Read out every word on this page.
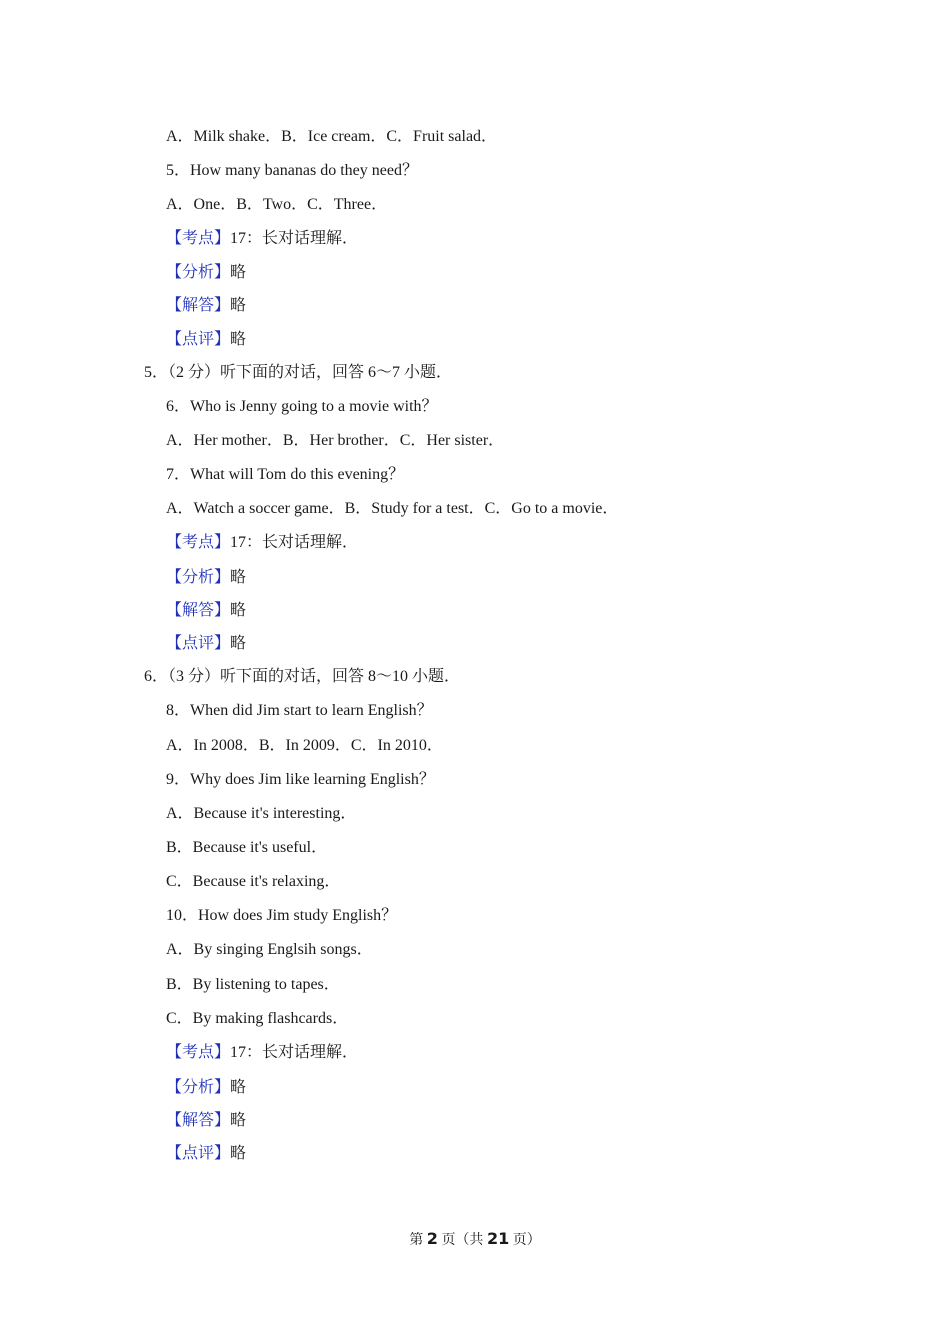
A．Milk shake．B．Ice cream．C．Fruit salad．
5．How many bananas do they need？
A．One．B．Two．C．Three．
【考点】17：长对话理解．
【分析】略
【解答】略
【点评】略
5．（2 分）听下面的对话，回答 6～7 小题．
6．Who is Jenny going to a movie with？
A．Her mother．B．Her brother．C．Her sister．
7．What will Tom do this evening？
A．Watch a soccer game．B．Study for a test．C．Go to a movie．
【考点】17：长对话理解．
【分析】略
【解答】略
【点评】略
6．（3 分）听下面的对话，回答 8～10 小题．
8．When did Jim start to learn English？
A．In 2008．B．In 2009．C．In 2010．
9．Why does Jim like learning English？
A．Because it's interesting．
B．Because it's useful．
C．Because it's relaxing．
10．How does Jim study English？
A．By singing Englsih songs．
B．By listening to tapes．
C．By making flashcards．
【考点】17：长对话理解．
【分析】略
【解答】略
【点评】略
第 2 页（共 21 页）
